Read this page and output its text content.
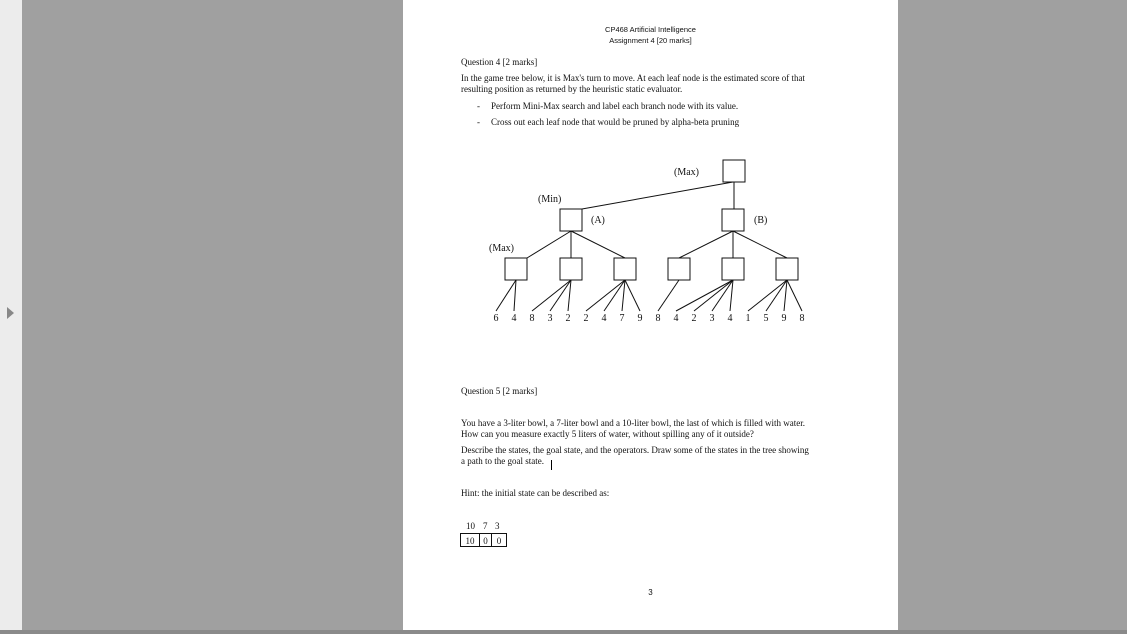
CP468 Artificial Intelligence
Assignment 4 [20 marks]
Question 4 [2 marks]
In the game tree below, it is Max's turn to move. At each leaf node is the estimated score of that
resulting position as returned by the heuristic static evaluator.
- Perform Mini-Max search and label each branch node with its value.
- Cross out each leaf node that would be pruned by alpha-beta pruning
(Max)
(Min)
(A)	(B)
(Max)
6 4 8 3 2 2 4 7 9 8 4 2 3 4 1 5 9 8
Question 5 [2 marks]
You have a 3-liter bowl, a 7-liter bowl and a 10-liter bowl, the last of which is filled with water.
How can you measure exactly 5 liters of water, without spilling any of it outside?
Describe the states, the goal state, and the operators. Draw some of the states in the tree showing
a path to the goal state.
Hint: the initial state can be described as:
10 7 3
10 0	0
3
